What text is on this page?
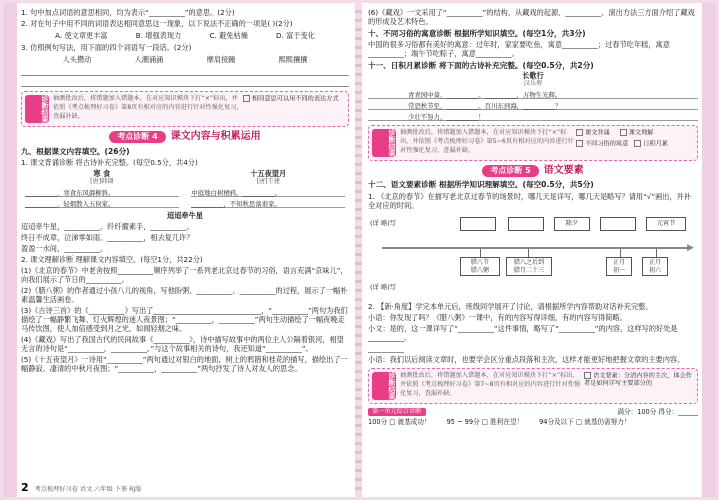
1. 句中加点词语的意思相同，均为表示“__________”的意思。(2分)
2. 对在句子中用不同的词语表达相同意思这一现象，以下说法不正确的一项是( )(2分)
A. 使文章更丰富	B. 增强表现力	C. 避免枯燥	D. 富于变化
3. 仿照例句写法，用下面的四个词语写一段话。(2分)
人头攒动	人潮涌涌	摩肩接踵	熙熙攘攘
诊断结果 抽测批改后，将错题加入错题本，在对应知识模块下打“×”标出，并依照《考点梳理好习卷》第8页有相对应的内容进行针对性强化复习，查漏补缺。
相同意思可以用不同的表达方式
考点诊断 4	课文内容与积累运用
九、根据课文内容填空。(26分)
1. 课文背诵诊断 将古诗补充完整。(每空0.5分，共4分)
寒 食
[唐]韩翃
__________，寒食东风御柳斜。
__________，轻烟散入五侯家。
十五夜望月
[唐]王建
中庭地白树栖鸦，__________。
__________，不知秋思落谁家。
迢迢牵牛星
迢迢牵牛星，__________。纤纤擢素手，__________。
终日不成章，泣涕零如雨。__________，相去复几许？
盈盈一水间，__________。
2. 课文理解诊断 理解课文内容填空。(每空1分，共22分)
(1)《北京的春节》中老舍按照__________顺序列举了一系列老北京过春节的习俗，语言充满“京味儿”，向我们展示了节日的__________。
(2)《腊八粥》的作者通过小孩八儿的视角，写他盼粥、__________、__________的过程，展示了一幅朴素温馨生活画卷。
(3)《古诗三首》的《__________》写出了______________________________，“__________”两句为我们描绘了一幅静繁飞舞、灯火辉煌的迷人夜景图；“__________，__________”两句生动描绘了一幅夜晚走马传饮图，使人加倍感受到月之光，如闻轻烟之味。
(4)《藏戏》写出了我国古代的民间故事《__________》，诗中描写故事中的两位主人公隔着银河，相望无言的诗句是“__________，__________。”与这个故事相关的诗句，我还知道“__________”。
(5)《十五夜望月》一诗用“__________”两句通过对银白的地面，树上的鸦鹊和桂花的描写，描绘出了一幅静寂、凄清的中秋月夜图；“__________，__________”两句抒发了诗人对友人的思念。
2 考点梳理好习卷 语文 六年级 下册 RJ版
(6)《藏戏》一文采用了“__________”的结构，从藏戏的起源、__________、演出方法三方面介绍了藏戏的形成及艺术特色。
十、不同习俗的寓意诊断 根据所学知识填空。(每空1分，共3分)
中国的很多习俗都有美好的寓意：过年时，家家要吃鱼，寓意__________；过春节吃年糕，寓意__________；端午节吃粽子，寓意__________。
十一、日积月累诊断 将下面的古诗补充完整。(每空0.5分，共2分)
长歌行
汉乐府
青青园中葵，__________。__________，万物生光辉。
常恐秋节至，__________。百川东到海，__________？
少壮不努力，__________！
诊断结果 抽测批改后，将错题加入错题本，在对应知识模块下打“×”标出，并依照《考点梳理好习卷》第5~6页有相对应的内容进行针对性强化复习，查漏补缺。
课文背诵	课文理解
不同习俗的寓意 日积月累
考点诊断 5	语文要素
十二、语文要素诊断 根据所学知识理解填空。(每空0.5分，共5分)
1. 《北京的春节》在描写老北京过春节的场景时，哪几天是详写，哪几天是略写？请用“√”画出，并补全对应的时间。
(详 略)写	除夕	元宵节
▶
腊八节
腊八粥
腊八之后到
腊月二十三
正月
初一
正月
初六
(详 略)写
2. 【新·角度】学完本单元后，班级同学展开了讨论，请根据所学内容帮助对话补充完整。
小语：你发现了吗？《腊八粥》一课中，有的内容写得详细，有的内容写得简略。
小文：是的，这一课详写了“__________”这件事情，略写了“__________”的内容，这样写的好处是__________。
__________
小语：我们以后阅读文章时，也要学会区分重点段落和主次，这样才能更好地把握文章的主要内容。
诊断结果 抽测批改后，将错题加入错题本，在对应知识模块下打“×”标出，并依照《考点梳理好习卷》第7~8页有相对应的内容进行针对性强化复习，查漏补缺。
语文要素：分清内容的主次，体会作者是如何详写主要部分的
第一单元综合诊断	满分：100分 得分：______
100分 □ 就基成功！ 95 ~ 99分 □ 胜利在望！ 94分及以下 □ 就基仍需努力！
